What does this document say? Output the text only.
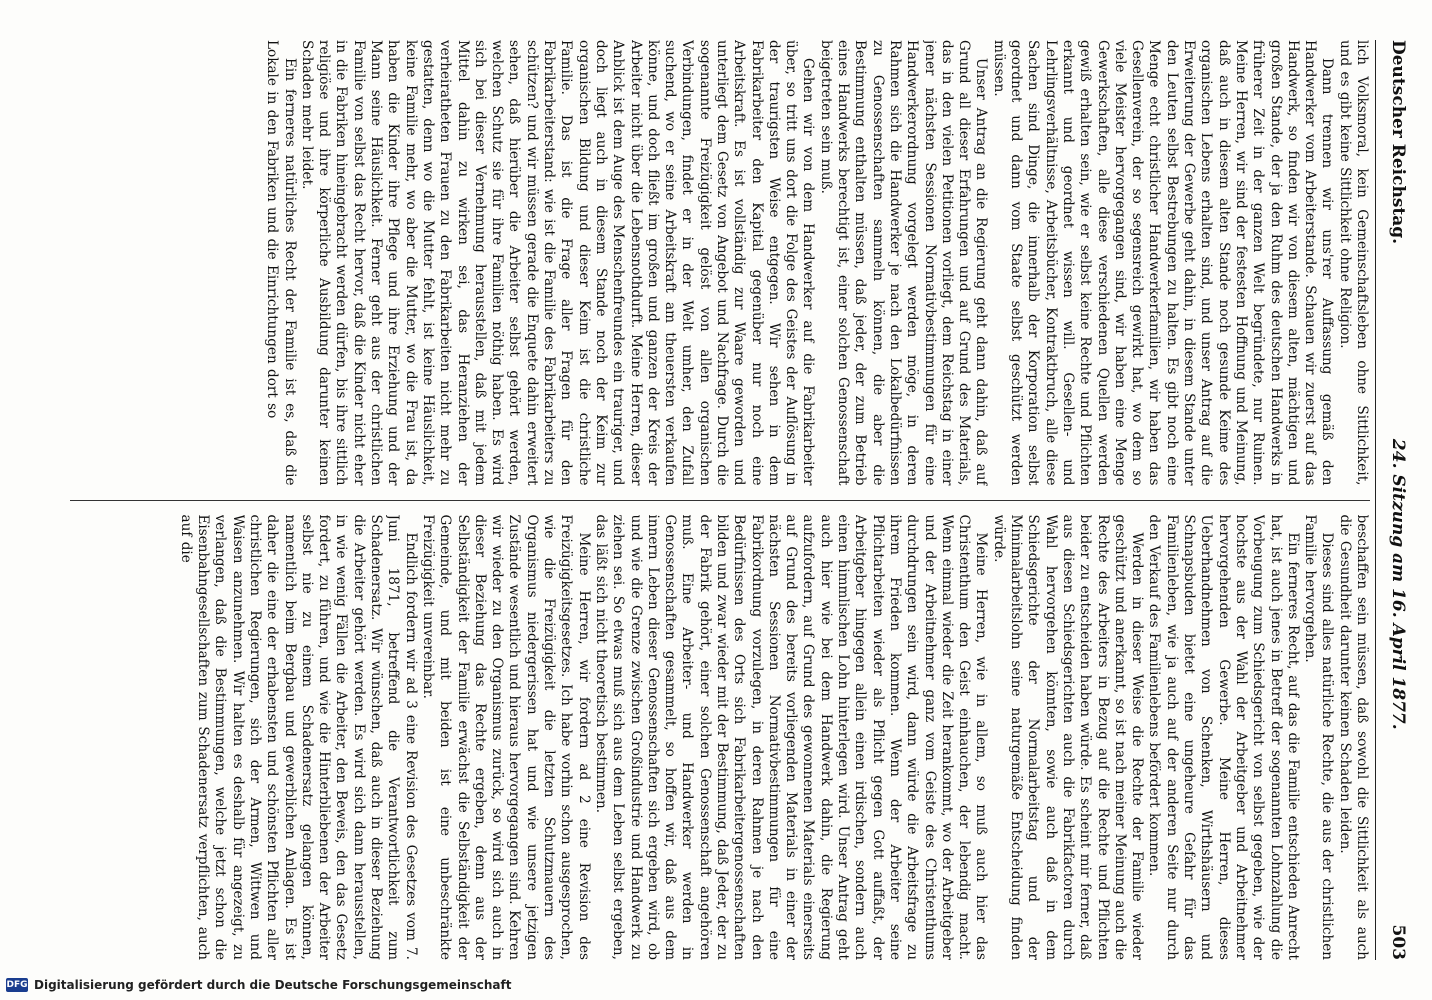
Deutscher Reichstag.
24. Sitzung am 16. April 1877.
503

lich Volksmoral, kein Gemeinschaftsleben ohne Sittlichkeit, und es gibt keine Sittlichkeit ohne Religion.

Dann trennen wir uns'rer Auffassung gemäß den Handwerker vom Arbeiterstande. Schauen wir zuerst auf das Handwerk, so finden wir von diesem alten, mächtigen und großen Stande, der ja den Ruhm des deutschen Handwerks in früherer Zeit in der ganzen Welt begründete, nur Ruinen. Meine Herren, wir sind der festesten Hoffnung und Meinung, daß auch in diesem alten Stande noch gesunde Keime des organischen Lebens erhalten sind, und unser Antrag auf die Erweiterung der Gewerbe geht dahin, in diesem Stande unter den Leuten selbst Bestrebungen zu halten. Es gibt noch eine Menge echt christlicher Handwerkerfamilien, wir haben das Gesellenverein, der so segensreich gewirkt hat, wo dem so viele Meister hervorgegangen sind, wir haben eine Menge Gewerkschaften, alle diese verschiedenen Quellen werden gewiß erhalten sein, wie er selbst keine Rechte und Pflichten erkannt und geordnet wissen will. Gesellen- und Lehrlingsverhältnisse, Arbeitsbücher, Kontraktbruch, alle diese Sachen sind Dinge, die innerhalb der Korporation selbst geordnet und dann vom Staate selbst geschützt werden müssen.

Unser Antrag an die Regierung geht dann dahin, daß auf Grund all dieser Erfahrungen und auf Grund des Materials, das in den vielen Petitionen vorliegt, dem Reichstag in einer jener nächsten Sessionen Normativbestimmungen für eine Handwerkerordnung vorgelegt werden möge, in deren Rahmen sich die Handwerker je nach den Lokalbedürfnissen zu Genossenschaften sammeln können, die aber die Bestimmung enthalten müssen, daß jeder, der zum Betrieb eines Handwerks berechtigt ist, einer solchen Genossenschaft beigetreten sein muß.

Gehen wir von dem Handwerker auf die Fabrikarbeiter über, so tritt uns dort die Folge des Geistes der Auflösung in der traurigsten Weise entgegen. Wir sehen in dem Fabrikarbeiter den Kapital gegenüber nur noch eine Arbeitskraft. Es ist vollständig zur Waare geworden und unterliegt dem Gesetz von Angebot und Nachfrage. Durch die sogenannte Freizügigkeit gelöst von allen organischen Verbindungen, findet er in der Welt umher, den Zufall suchend, wo er seine Arbeitskraft am theuersten verkaufen könne, und doch fließt im großen und ganzen der Kreis der Arbeiter nicht über die Lebensnothdurft. Meine Herren, dieser Anblick ist dem Auge des Menschenfreundes ein trauriger, und doch liegt auch in diesem Stande noch der Keim zur organischen Bildung und dieser Keim ist die christliche Familie. Das ist die Frage aller Fragen für den Fabrikarbeiterstand: wie ist die Familie des Fabrikarbeiters zu schützen? und wir müssen gerade die Enquete dahin erweitert sehen, daß hierüber die Arbeiter selbst gehört werden, welchen Schutz sie für ihre Familien nöthig haben. Es wird sich bei dieser Vernehmung herausstellen, daß mit jedem Mittel dahin zu wirken sei, das Heranziehen der verheiratheten Frauen zu den Fabrikarbeiten nicht mehr zu gestatten, denn wo die Mutter fehlt, ist keine Häuslichkeit, keine Familie mehr, wo aber die Mutter, wo die Frau ist, da haben die Kinder ihre Pflege und ihre Erziehung und der Mann seine Häuslichkeit. Ferner geht aus der christlichen Familie von selbst das Recht hervor, daß die Kinder nicht eher in die Fabriken hineingebracht werden dürfen, bis ihre sittlich religiöse und ihre körperliche Ausbildung darunter keinen Schaden mehr leidet.

Ein ferneres natürliches Recht der Familie ist es, daß die Lokale in den Fabriken und die Einrichtungen dort so

beschaffen sein müssen, daß sowohl die Sittlichkeit als auch die Gesundheit darunter keinen Schaden leiden.

Dieses sind alles natürliche Rechte, die aus der christlichen Familie hervorgehen.

Ein ferneres Recht, auf das die Familie entschieden Anrecht hat, ist auch jenes in Betreff der sogenannten Lohnzahlung die Vorbeugung zum Schiedsgericht von selbst gegeben, wie der hochste aus der Wahl der Arbeitgeber und Arbeitnehmer hervorgehenden Gewerbe. Meine Herren, dieses Ueberhandnehmen von Schenken, Wirthshäusern und Schnapsbuden bietet eine ungeheure Gefahr für das Familienleben, wie ja auch auf der anderen Seite nur durch den Verkauf des Familienlebens befördert kommen.

Werden in dieser Weise die Rechte der Familie wieder geschützt und anerkannt, so ist nach meiner Meinung auch die Rechte des Arbeiters in Bezug auf die Rechte und Pflichten beider zu entscheiden haben würde. Es scheint mir ferner, daß aus diesen Schiedsgerichten auch die Fabrikfactoren durch Wahl hervorgehen könnten, sowie auch daß in dem Schiedsgerichte der Normalarbeitstag und der Minimalarbeitslohn seine naturgemäße Entscheidung finden würde.

Meine Herren, wie in allem, so muß auch hier das Christenthum den Geist einhauchen, der lebendig macht. Wenn einmal wieder die Zeit herankommt, wo der Arbeitgeber und der Arbeitnehmer ganz vom Geiste des Christenthums durchdrungen sein wird, dann würde die Arbeitsfrage zu ihrem Frieden kommen. Wenn der Arbeiter seine Pflichtarbeiten wieder als Pflicht gegen Gott auffaßt, der Arbeitgeber hingegen allein einen irdischen, sondern auch einen himmlischen Lohn hinterlegen wird. Unser Antrag geht auch hier wie bei dem Handwerk dahin, die Regierung aufzufordern, auf Grund des gewonnenen Materials einerseits auf Grund des bereits vorliegenden Materials in einer der nächsten Sessionen Normativbestimmungen für eine Fabrikordnung vorzulegen, in deren Rahmen je nach den Bedürfnissen des Orts sich Fabrikarbeitergenossenschaften bilden und zwar wieder mit der Bestimmung, daß Jeder, der zu der Fabrik gehört, einer solchen Genossenschaft angehören muß. Eine Arbeiter- und Handwerker werden in Genossenschaften gesammelt, so hoffen wir, daß aus dem innern Leben dieser Genossenschaften sich ergeben wird, ob und wie die Grenze zwischen Großindustrie und Handwerk zu ziehen sei. So etwas muß sich aus dem Leben selbst ergeben, das läßt sich nicht theoretisch bestimmen.

Meine Herren, wir fordern ad 2 eine Revision des Freizügigkeitsgesetzes. Ich habe vorhin schon ausgesprochen, wie die Freizügigkeit die letzten Schutzmauern des Organismus niedergerissen hat und wie unsere jetzigen Zustände wesentlich und hieraus hervorgegangen sind. Kehren wir wieder zu den Organismus zurück, so wird sich auch in dieser Beziehung das Rechte ergeben, denn aus der Selbständigkeit der Familie erwächst die Selbständigkeit der Gemeinde, und mit beiden ist eine unbeschränkte Freizügigkeit unvereinbar.

Endlich fordern wir ad 3 eine Revision des Gesetzes vom 7. Juni 1871, betreffend die Verantwortlichkeit zum Schadenersatz. Wir wünschen, daß auch in dieser Beziehung die Arbeiter gehört werden. Es wird sich dann herausstellen, in wie wenig Fällen die Arbeiter, den Beweis, den das Gesetz fordert, zu führen, und wie die Hinterbliebenen der Arbeiter selbst nie zu einem Schadenersatz gelangen können, namentlich beim Bergbau und gewerblichen Anlagen. Es ist daher die eine der erhabensten und schönsten Pflichten aller christlichen Regierungen, sich der Armen, Wittwen und Waisen anzunehmen. Wir halten es deshalb für angezeigt, zu verlangen, daß die Bestimmungen, welche jetzt schon die Eisenbahngesellschaften zum Schadenersatz verpflichten, auch auf die

DFG Digitalisierung gefördert durch die Deutsche Forschungsgemeinschaft
